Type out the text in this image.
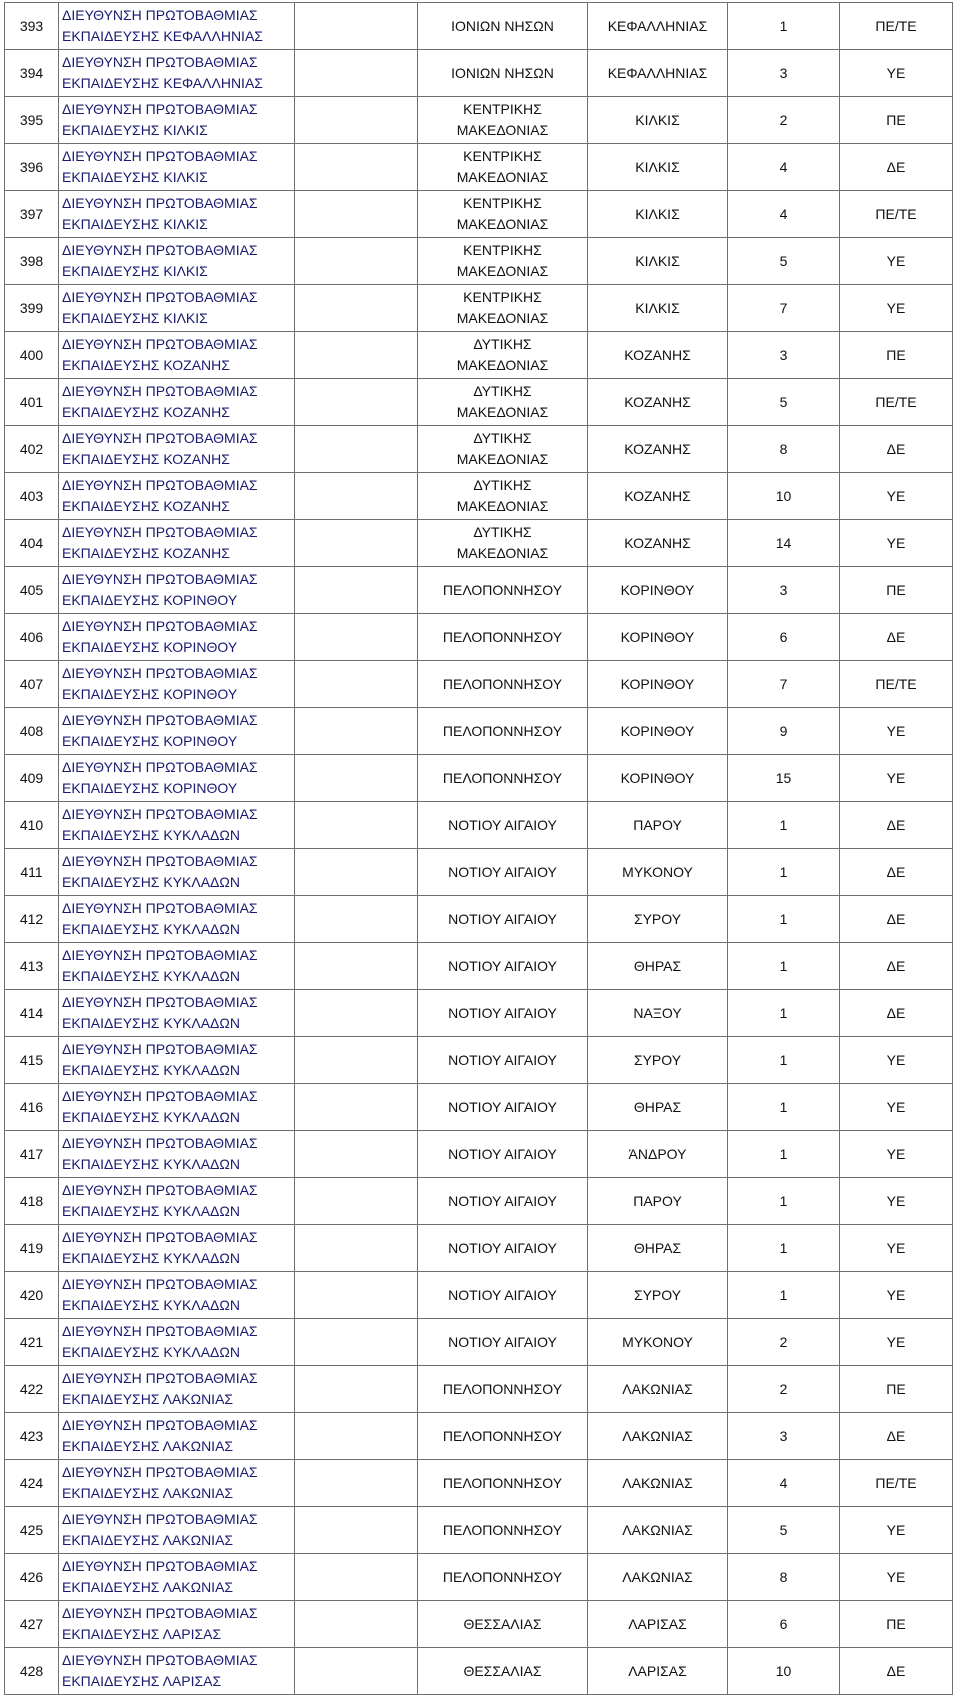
393	ΔΙΕΥΘΥΝΣΗ ΠΡΩΤΟΒΑΘΜΙΑΣ
ΕΚΠΑΙΔΕΥΣΗΣ ΚΕΦΑΛΛΗΝΙΑΣ		ΙΟΝΙΩΝ ΝΗΣΩΝ	ΚΕΦΑΛΛΗΝΙΑΣ	1	ΠΕ/ΤΕ
394	ΔΙΕΥΘΥΝΣΗ ΠΡΩΤΟΒΑΘΜΙΑΣ
ΕΚΠΑΙΔΕΥΣΗΣ ΚΕΦΑΛΛΗΝΙΑΣ		ΙΟΝΙΩΝ ΝΗΣΩΝ	ΚΕΦΑΛΛΗΝΙΑΣ	3	ΥΕ
395	ΔΙΕΥΘΥΝΣΗ ΠΡΩΤΟΒΑΘΜΙΑΣ
ΕΚΠΑΙΔΕΥΣΗΣ ΚΙΛΚΙΣ		ΚΕΝΤΡΙΚΗΣ
ΜΑΚΕΔΟΝΙΑΣ	ΚΙΛΚΙΣ	2	ΠΕ
396	ΔΙΕΥΘΥΝΣΗ ΠΡΩΤΟΒΑΘΜΙΑΣ
ΕΚΠΑΙΔΕΥΣΗΣ ΚΙΛΚΙΣ		ΚΕΝΤΡΙΚΗΣ
ΜΑΚΕΔΟΝΙΑΣ	ΚΙΛΚΙΣ	4	ΔΕ
397	ΔΙΕΥΘΥΝΣΗ ΠΡΩΤΟΒΑΘΜΙΑΣ
ΕΚΠΑΙΔΕΥΣΗΣ ΚΙΛΚΙΣ		ΚΕΝΤΡΙΚΗΣ
ΜΑΚΕΔΟΝΙΑΣ	ΚΙΛΚΙΣ	4	ΠΕ/ΤΕ
398	ΔΙΕΥΘΥΝΣΗ ΠΡΩΤΟΒΑΘΜΙΑΣ
ΕΚΠΑΙΔΕΥΣΗΣ ΚΙΛΚΙΣ		ΚΕΝΤΡΙΚΗΣ
ΜΑΚΕΔΟΝΙΑΣ	ΚΙΛΚΙΣ	5	ΥΕ
399	ΔΙΕΥΘΥΝΣΗ ΠΡΩΤΟΒΑΘΜΙΑΣ
ΕΚΠΑΙΔΕΥΣΗΣ ΚΙΛΚΙΣ		ΚΕΝΤΡΙΚΗΣ
ΜΑΚΕΔΟΝΙΑΣ	ΚΙΛΚΙΣ	7	ΥΕ
400	ΔΙΕΥΘΥΝΣΗ ΠΡΩΤΟΒΑΘΜΙΑΣ
ΕΚΠΑΙΔΕΥΣΗΣ ΚΟΖΑΝΗΣ		ΔΥΤΙΚΗΣ
ΜΑΚΕΔΟΝΙΑΣ	ΚΟΖΑΝΗΣ	3	ΠΕ
401	ΔΙΕΥΘΥΝΣΗ ΠΡΩΤΟΒΑΘΜΙΑΣ
ΕΚΠΑΙΔΕΥΣΗΣ ΚΟΖΑΝΗΣ		ΔΥΤΙΚΗΣ
ΜΑΚΕΔΟΝΙΑΣ	ΚΟΖΑΝΗΣ	5	ΠΕ/ΤΕ
402	ΔΙΕΥΘΥΝΣΗ ΠΡΩΤΟΒΑΘΜΙΑΣ
ΕΚΠΑΙΔΕΥΣΗΣ ΚΟΖΑΝΗΣ		ΔΥΤΙΚΗΣ
ΜΑΚΕΔΟΝΙΑΣ	ΚΟΖΑΝΗΣ	8	ΔΕ
403	ΔΙΕΥΘΥΝΣΗ ΠΡΩΤΟΒΑΘΜΙΑΣ
ΕΚΠΑΙΔΕΥΣΗΣ ΚΟΖΑΝΗΣ		ΔΥΤΙΚΗΣ
ΜΑΚΕΔΟΝΙΑΣ	ΚΟΖΑΝΗΣ	10	ΥΕ
404	ΔΙΕΥΘΥΝΣΗ ΠΡΩΤΟΒΑΘΜΙΑΣ
ΕΚΠΑΙΔΕΥΣΗΣ ΚΟΖΑΝΗΣ		ΔΥΤΙΚΗΣ
ΜΑΚΕΔΟΝΙΑΣ	ΚΟΖΑΝΗΣ	14	ΥΕ
405	ΔΙΕΥΘΥΝΣΗ ΠΡΩΤΟΒΑΘΜΙΑΣ
ΕΚΠΑΙΔΕΥΣΗΣ ΚΟΡΙΝΘΟΥ		ΠΕΛΟΠΟΝΝΗΣΟΥ	ΚΟΡΙΝΘΟΥ	3	ΠΕ
406	ΔΙΕΥΘΥΝΣΗ ΠΡΩΤΟΒΑΘΜΙΑΣ
ΕΚΠΑΙΔΕΥΣΗΣ ΚΟΡΙΝΘΟΥ		ΠΕΛΟΠΟΝΝΗΣΟΥ	ΚΟΡΙΝΘΟΥ	6	ΔΕ
407	ΔΙΕΥΘΥΝΣΗ ΠΡΩΤΟΒΑΘΜΙΑΣ
ΕΚΠΑΙΔΕΥΣΗΣ ΚΟΡΙΝΘΟΥ		ΠΕΛΟΠΟΝΝΗΣΟΥ	ΚΟΡΙΝΘΟΥ	7	ΠΕ/ΤΕ
408	ΔΙΕΥΘΥΝΣΗ ΠΡΩΤΟΒΑΘΜΙΑΣ
ΕΚΠΑΙΔΕΥΣΗΣ ΚΟΡΙΝΘΟΥ		ΠΕΛΟΠΟΝΝΗΣΟΥ	ΚΟΡΙΝΘΟΥ	9	ΥΕ
409	ΔΙΕΥΘΥΝΣΗ ΠΡΩΤΟΒΑΘΜΙΑΣ
ΕΚΠΑΙΔΕΥΣΗΣ ΚΟΡΙΝΘΟΥ		ΠΕΛΟΠΟΝΝΗΣΟΥ	ΚΟΡΙΝΘΟΥ	15	ΥΕ
410	ΔΙΕΥΘΥΝΣΗ ΠΡΩΤΟΒΑΘΜΙΑΣ
ΕΚΠΑΙΔΕΥΣΗΣ ΚΥΚΛΑΔΩΝ		ΝΟΤΙΟΥ ΑΙΓΑΙΟΥ	ΠΑΡΟΥ	1	ΔΕ
411	ΔΙΕΥΘΥΝΣΗ ΠΡΩΤΟΒΑΘΜΙΑΣ
ΕΚΠΑΙΔΕΥΣΗΣ ΚΥΚΛΑΔΩΝ		ΝΟΤΙΟΥ ΑΙΓΑΙΟΥ	ΜΥΚΟΝΟΥ	1	ΔΕ
412	ΔΙΕΥΘΥΝΣΗ ΠΡΩΤΟΒΑΘΜΙΑΣ
ΕΚΠΑΙΔΕΥΣΗΣ ΚΥΚΛΑΔΩΝ		ΝΟΤΙΟΥ ΑΙΓΑΙΟΥ	ΣΥΡΟΥ	1	ΔΕ
413	ΔΙΕΥΘΥΝΣΗ ΠΡΩΤΟΒΑΘΜΙΑΣ
ΕΚΠΑΙΔΕΥΣΗΣ ΚΥΚΛΑΔΩΝ		ΝΟΤΙΟΥ ΑΙΓΑΙΟΥ	ΘΗΡΑΣ	1	ΔΕ
414	ΔΙΕΥΘΥΝΣΗ ΠΡΩΤΟΒΑΘΜΙΑΣ
ΕΚΠΑΙΔΕΥΣΗΣ ΚΥΚΛΑΔΩΝ		ΝΟΤΙΟΥ ΑΙΓΑΙΟΥ	ΝΑΞΟΥ	1	ΔΕ
415	ΔΙΕΥΘΥΝΣΗ ΠΡΩΤΟΒΑΘΜΙΑΣ
ΕΚΠΑΙΔΕΥΣΗΣ ΚΥΚΛΑΔΩΝ		ΝΟΤΙΟΥ ΑΙΓΑΙΟΥ	ΣΥΡΟΥ	1	ΥΕ
416	ΔΙΕΥΘΥΝΣΗ ΠΡΩΤΟΒΑΘΜΙΑΣ
ΕΚΠΑΙΔΕΥΣΗΣ ΚΥΚΛΑΔΩΝ		ΝΟΤΙΟΥ ΑΙΓΑΙΟΥ	ΘΗΡΑΣ	1	ΥΕ
417	ΔΙΕΥΘΥΝΣΗ ΠΡΩΤΟΒΑΘΜΙΑΣ
ΕΚΠΑΙΔΕΥΣΗΣ ΚΥΚΛΑΔΩΝ		ΝΟΤΙΟΥ ΑΙΓΑΙΟΥ	ΆΝΔΡΟΥ	1	ΥΕ
418	ΔΙΕΥΘΥΝΣΗ ΠΡΩΤΟΒΑΘΜΙΑΣ
ΕΚΠΑΙΔΕΥΣΗΣ ΚΥΚΛΑΔΩΝ		ΝΟΤΙΟΥ ΑΙΓΑΙΟΥ	ΠΑΡΟΥ	1	ΥΕ
419	ΔΙΕΥΘΥΝΣΗ ΠΡΩΤΟΒΑΘΜΙΑΣ
ΕΚΠΑΙΔΕΥΣΗΣ ΚΥΚΛΑΔΩΝ		ΝΟΤΙΟΥ ΑΙΓΑΙΟΥ	ΘΗΡΑΣ	1	ΥΕ
420	ΔΙΕΥΘΥΝΣΗ ΠΡΩΤΟΒΑΘΜΙΑΣ
ΕΚΠΑΙΔΕΥΣΗΣ ΚΥΚΛΑΔΩΝ		ΝΟΤΙΟΥ ΑΙΓΑΙΟΥ	ΣΥΡΟΥ	1	ΥΕ
421	ΔΙΕΥΘΥΝΣΗ ΠΡΩΤΟΒΑΘΜΙΑΣ
ΕΚΠΑΙΔΕΥΣΗΣ ΚΥΚΛΑΔΩΝ		ΝΟΤΙΟΥ ΑΙΓΑΙΟΥ	ΜΥΚΟΝΟΥ	2	ΥΕ
422	ΔΙΕΥΘΥΝΣΗ ΠΡΩΤΟΒΑΘΜΙΑΣ
ΕΚΠΑΙΔΕΥΣΗΣ ΛΑΚΩΝΙΑΣ		ΠΕΛΟΠΟΝΝΗΣΟΥ	ΛΑΚΩΝΙΑΣ	2	ΠΕ
423	ΔΙΕΥΘΥΝΣΗ ΠΡΩΤΟΒΑΘΜΙΑΣ
ΕΚΠΑΙΔΕΥΣΗΣ ΛΑΚΩΝΙΑΣ		ΠΕΛΟΠΟΝΝΗΣΟΥ	ΛΑΚΩΝΙΑΣ	3	ΔΕ
424	ΔΙΕΥΘΥΝΣΗ ΠΡΩΤΟΒΑΘΜΙΑΣ
ΕΚΠΑΙΔΕΥΣΗΣ ΛΑΚΩΝΙΑΣ		ΠΕΛΟΠΟΝΝΗΣΟΥ	ΛΑΚΩΝΙΑΣ	4	ΠΕ/ΤΕ
425	ΔΙΕΥΘΥΝΣΗ ΠΡΩΤΟΒΑΘΜΙΑΣ
ΕΚΠΑΙΔΕΥΣΗΣ ΛΑΚΩΝΙΑΣ		ΠΕΛΟΠΟΝΝΗΣΟΥ	ΛΑΚΩΝΙΑΣ	5	ΥΕ
426	ΔΙΕΥΘΥΝΣΗ ΠΡΩΤΟΒΑΘΜΙΑΣ
ΕΚΠΑΙΔΕΥΣΗΣ ΛΑΚΩΝΙΑΣ		ΠΕΛΟΠΟΝΝΗΣΟΥ	ΛΑΚΩΝΙΑΣ	8	ΥΕ
427	ΔΙΕΥΘΥΝΣΗ ΠΡΩΤΟΒΑΘΜΙΑΣ
ΕΚΠΑΙΔΕΥΣΗΣ ΛΑΡΙΣΑΣ		ΘΕΣΣΑΛΙΑΣ	ΛΑΡΙΣΑΣ	6	ΠΕ
428	ΔΙΕΥΘΥΝΣΗ ΠΡΩΤΟΒΑΘΜΙΑΣ
ΕΚΠΑΙΔΕΥΣΗΣ ΛΑΡΙΣΑΣ		ΘΕΣΣΑΛΙΑΣ	ΛΑΡΙΣΑΣ	10	ΔΕ
